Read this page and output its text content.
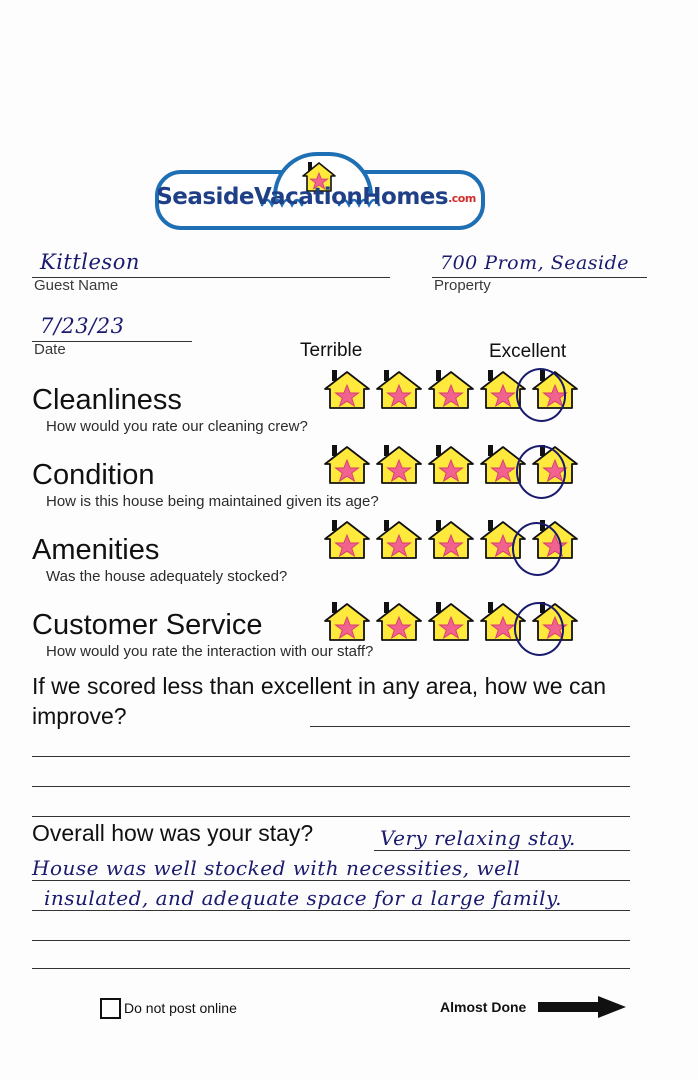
SeasideVacationHomes.com
Kittleson
Guest Name
7/23/23
Date
700 Prom, Seaside
Property
Terrible	Excellent
Cleanliness
How would you rate our cleaning crew?
Condition
How is this house being maintained given its age?
Amenities
Was the house adequately stocked?
Customer Service
How would you rate the interaction with our staff?
If we scored less than excellent in any area, how we can improve?
Overall how was your stay?	Very relaxing stay.
House was well stocked with necessities, well
insulated, and adequate space for a large family.
Do not post online	Almost Done
